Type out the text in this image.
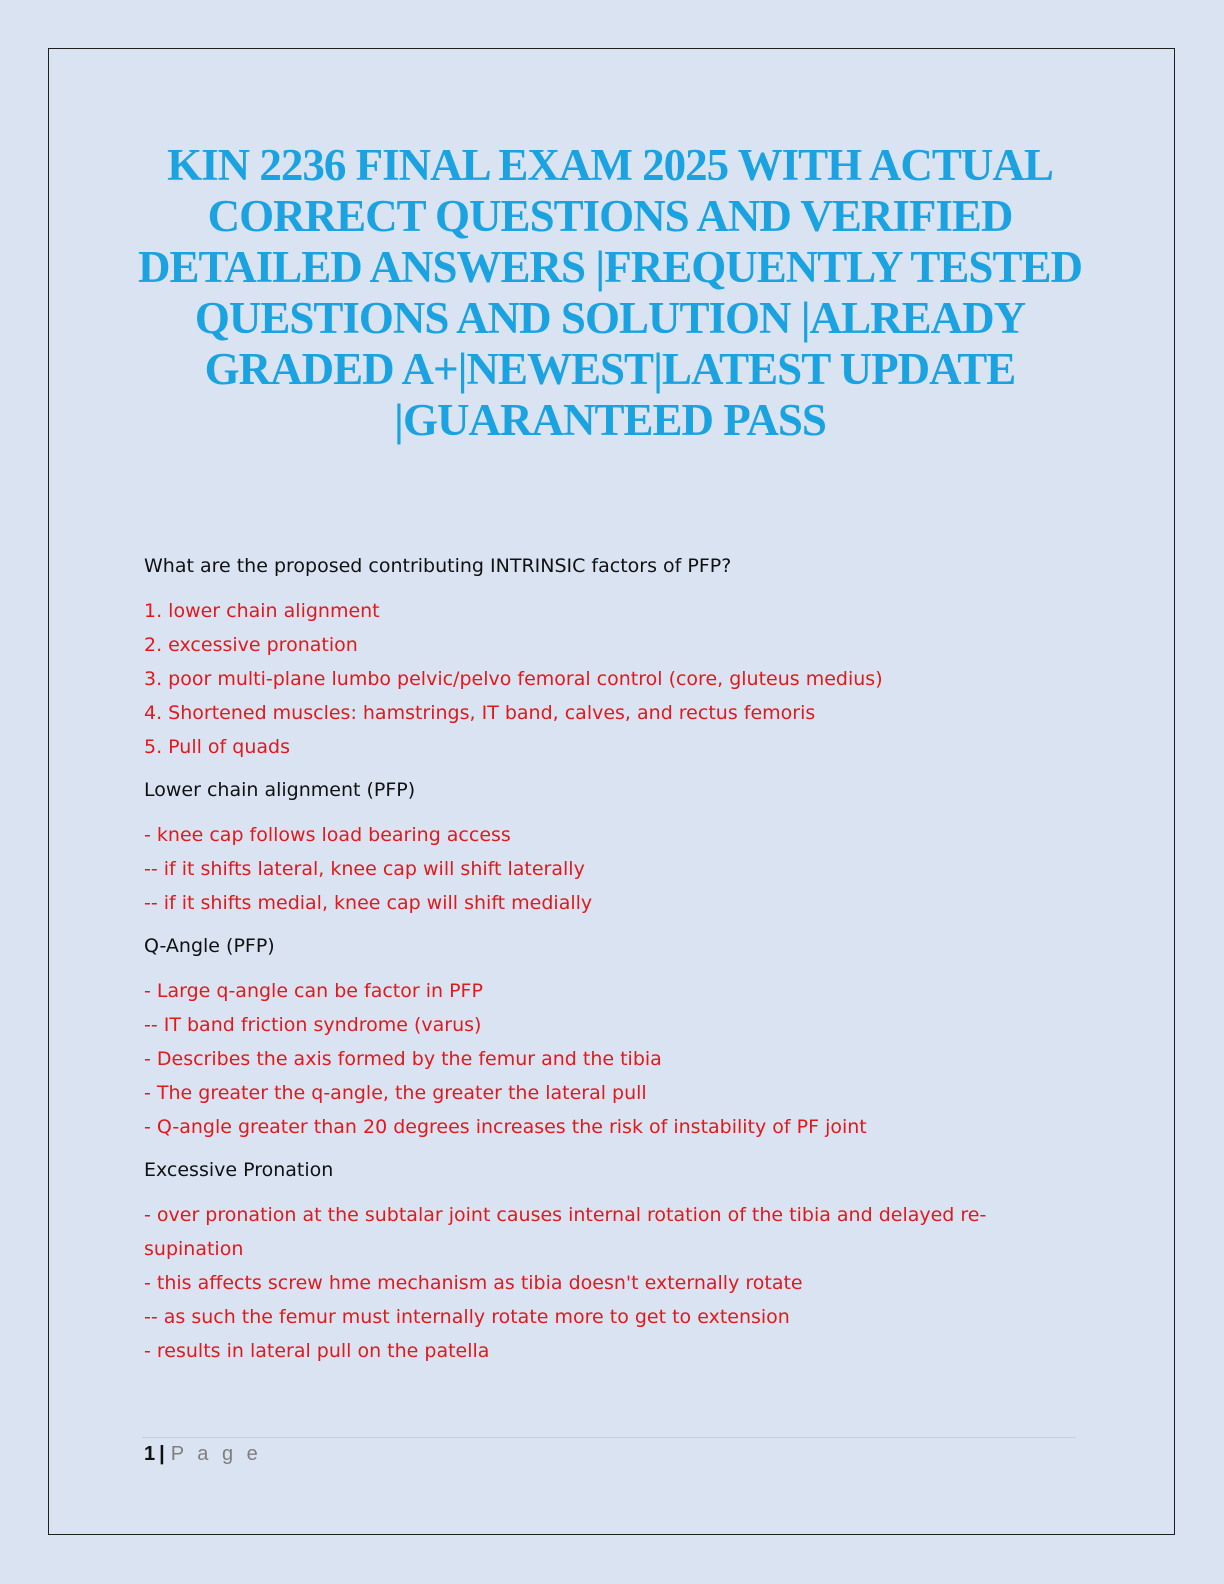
KIN 2236 FINAL EXAM 2025 WITH ACTUAL CORRECT QUESTIONS AND VERIFIED DETAILED ANSWERS |FREQUENTLY TESTED QUESTIONS AND SOLUTION |ALREADY GRADED A+|NEWEST|LATEST UPDATE |GUARANTEED PASS

What are the proposed contributing INTRINSIC factors of PFP?

1. lower chain alignment
2. excessive pronation
3. poor multi-plane lumbo pelvic/pelvo femoral control (core, gluteus medius)
4. Shortened muscles: hamstrings, IT band, calves, and rectus femoris
5. Pull of quads

Lower chain alignment (PFP)

- knee cap follows load bearing access
-- if it shifts lateral, knee cap will shift laterally
-- if it shifts medial, knee cap will shift medially

Q-Angle (PFP)

- Large q-angle can be factor in PFP
-- IT band friction syndrome (varus)
- Describes the axis formed by the femur and the tibia
- The greater the q-angle, the greater the lateral pull
- Q-angle greater than 20 degrees increases the risk of instability of PF joint

Excessive Pronation

- over pronation at the subtalar joint causes internal rotation of the tibia and delayed re-
supination
- this affects screw hme mechanism as tibia doesn't externally rotate
-- as such the femur must internally rotate more to get to extension
- results in lateral pull on the patella
1 | P a g e
